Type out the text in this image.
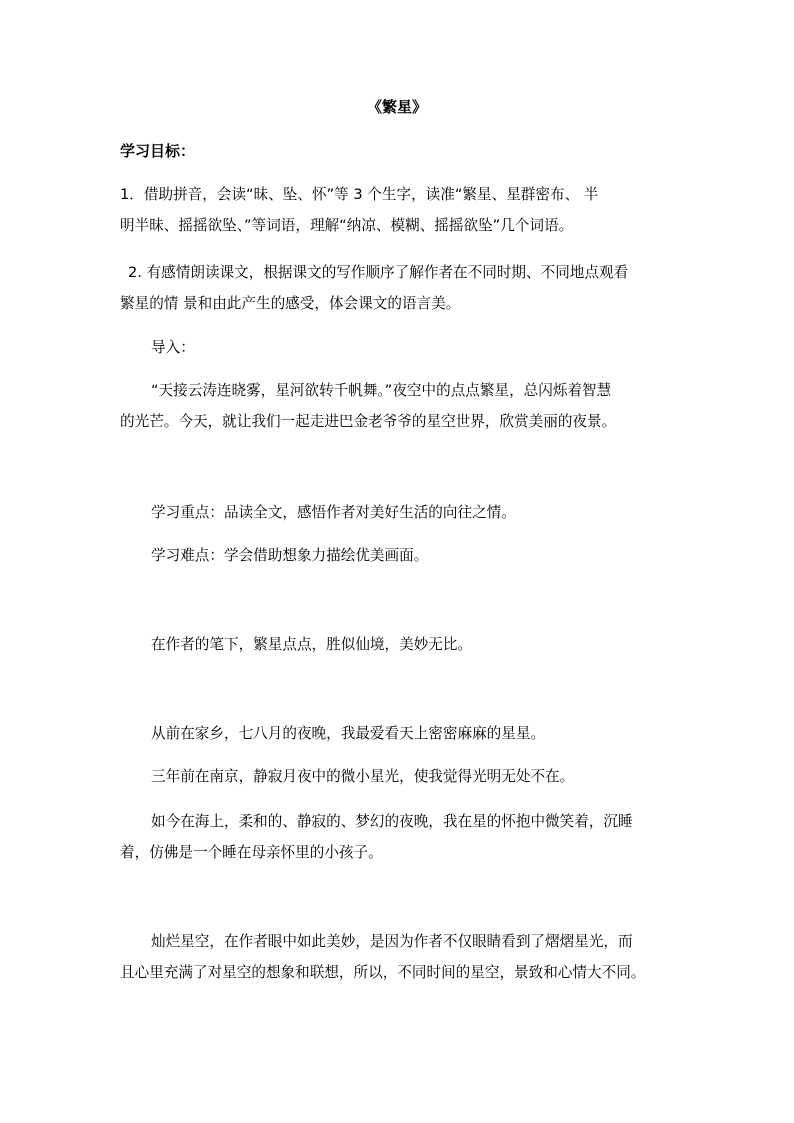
《繁星》
学习目标：
1．借助拼音，会读“昧、坠、怀”等 3 个生字，读准“繁星、星群密布、 半
明半昧、摇摇欲坠、”等词语，理解“纳凉、模糊、摇摇欲坠”几个词语。
2. 有感情朗读课文，根据课文的写作顺序了解作者在不同时期、不同地点观看
繁星的情 景和由此产生的感受，体会课文的语言美。
导入：
“天接云涛连晓雾，星河欲转千帆舞。”夜空中的点点繁星，总闪烁着智慧
的光芒。今天，就让我们一起走进巴金老爷爷的星空世界，欣赏美丽的夜景。
学习重点：品读全文，感悟作者对美好生活的向往之情。
学习难点：学会借助想象力描绘优美画面。
在作者的笔下，繁星点点，胜似仙境，美妙无比。
从前在家乡，七八月的夜晚，我最爱看天上密密麻麻的星星。
三年前在南京，静寂月夜中的微小星光，使我觉得光明无处不在。
如今在海上，柔和的、静寂的、梦幻的夜晚，我在星的怀抱中微笑着，沉睡
着，仿佛是一个睡在母亲怀里的小孩子。
灿烂星空，在作者眼中如此美妙，是因为作者不仅眼睛看到了熠熠星光，而
且心里充满了对星空的想象和联想，所以，不同时间的星空，景致和心情大不同。
